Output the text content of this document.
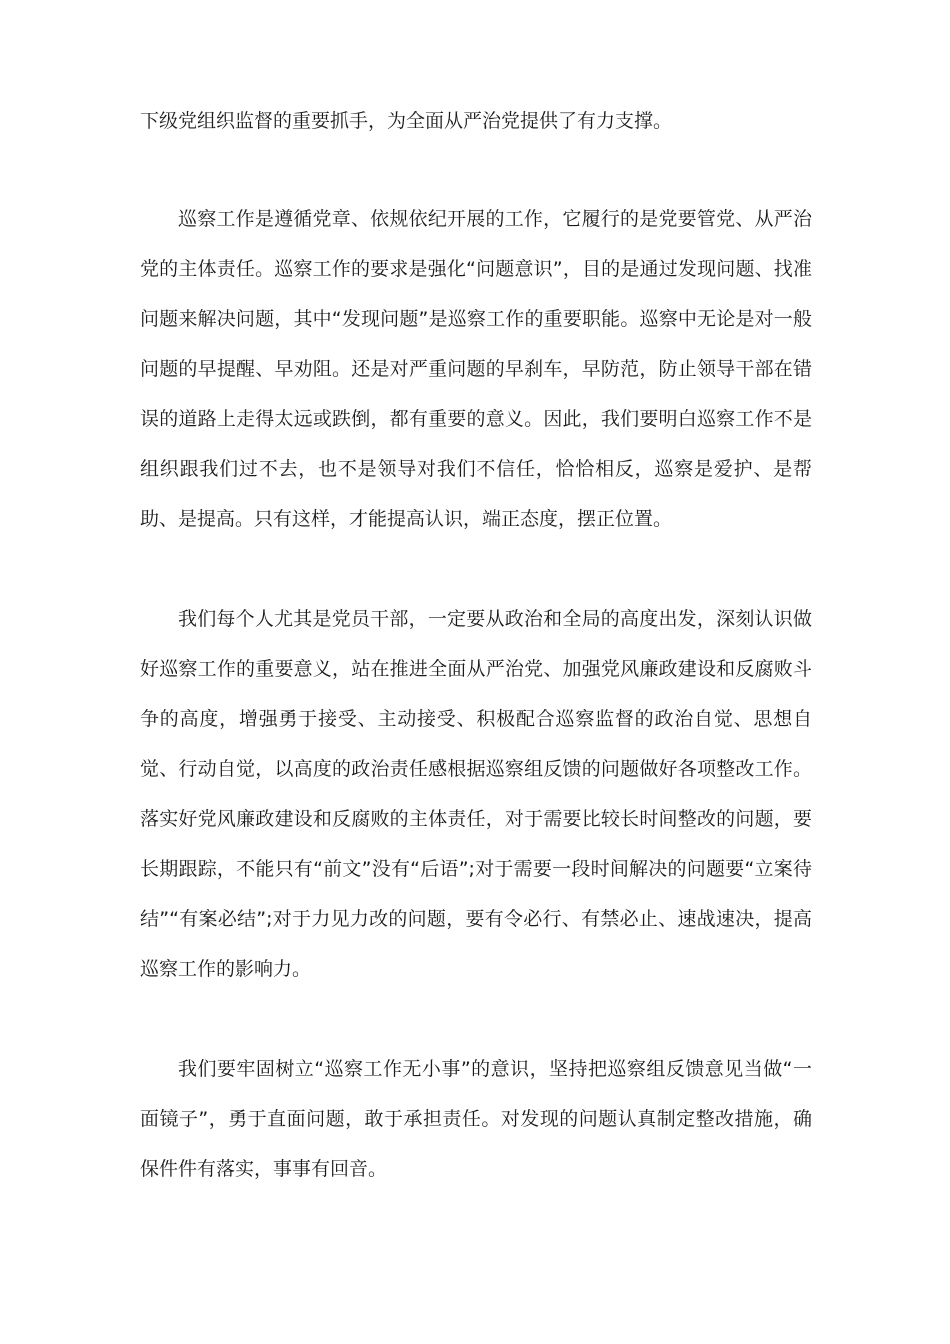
下级党组织监督的重要抓手，为全面从严治党提供了有力支撑。

巡察工作是遵循党章、依规依纪开展的工作，它履行的是党要管党、从严治党的主体责任。巡察工作的要求是强化“问题意识”，目的是通过发现问题、找准问题来解决问题，其中“发现问题”是巡察工作的重要职能。巡察中无论是对一般问题的早提醒、早劝阻。还是对严重问题的早刹车，早防范，防止领导干部在错误的道路上走得太远或跌倒，都有重要的意义。因此，我们要明白巡察工作不是组织跟我们过不去，也不是领导对我们不信任，恰恰相反，巡察是爱护、是帮助、是提高。只有这样，才能提高认识，端正态度，摆正位置。

我们每个人尤其是党员干部，一定要从政治和全局的高度出发，深刻认识做好巡察工作的重要意义，站在推进全面从严治党、加强党风廉政建设和反腐败斗争的高度，增强勇于接受、主动接受、积极配合巡察监督的政治自觉、思想自觉、行动自觉，以高度的政治责任感根据巡察组反馈的问题做好各项整改工作。落实好党风廉政建设和反腐败的主体责任，对于需要比较长时间整改的问题，要长期跟踪，不能只有“前文”没有“后语”;对于需要一段时间解决的问题要“立案待结”“有案必结”;对于力见力改的问题，要有令必行、有禁必止、速战速决，提高巡察工作的影响力。

我们要牢固树立“巡察工作无小事”的意识，坚持把巡察组反馈意见当做“一面镜子”，勇于直面问题，敢于承担责任。对发现的问题认真制定整改措施，确保件件有落实，事事有回音。
